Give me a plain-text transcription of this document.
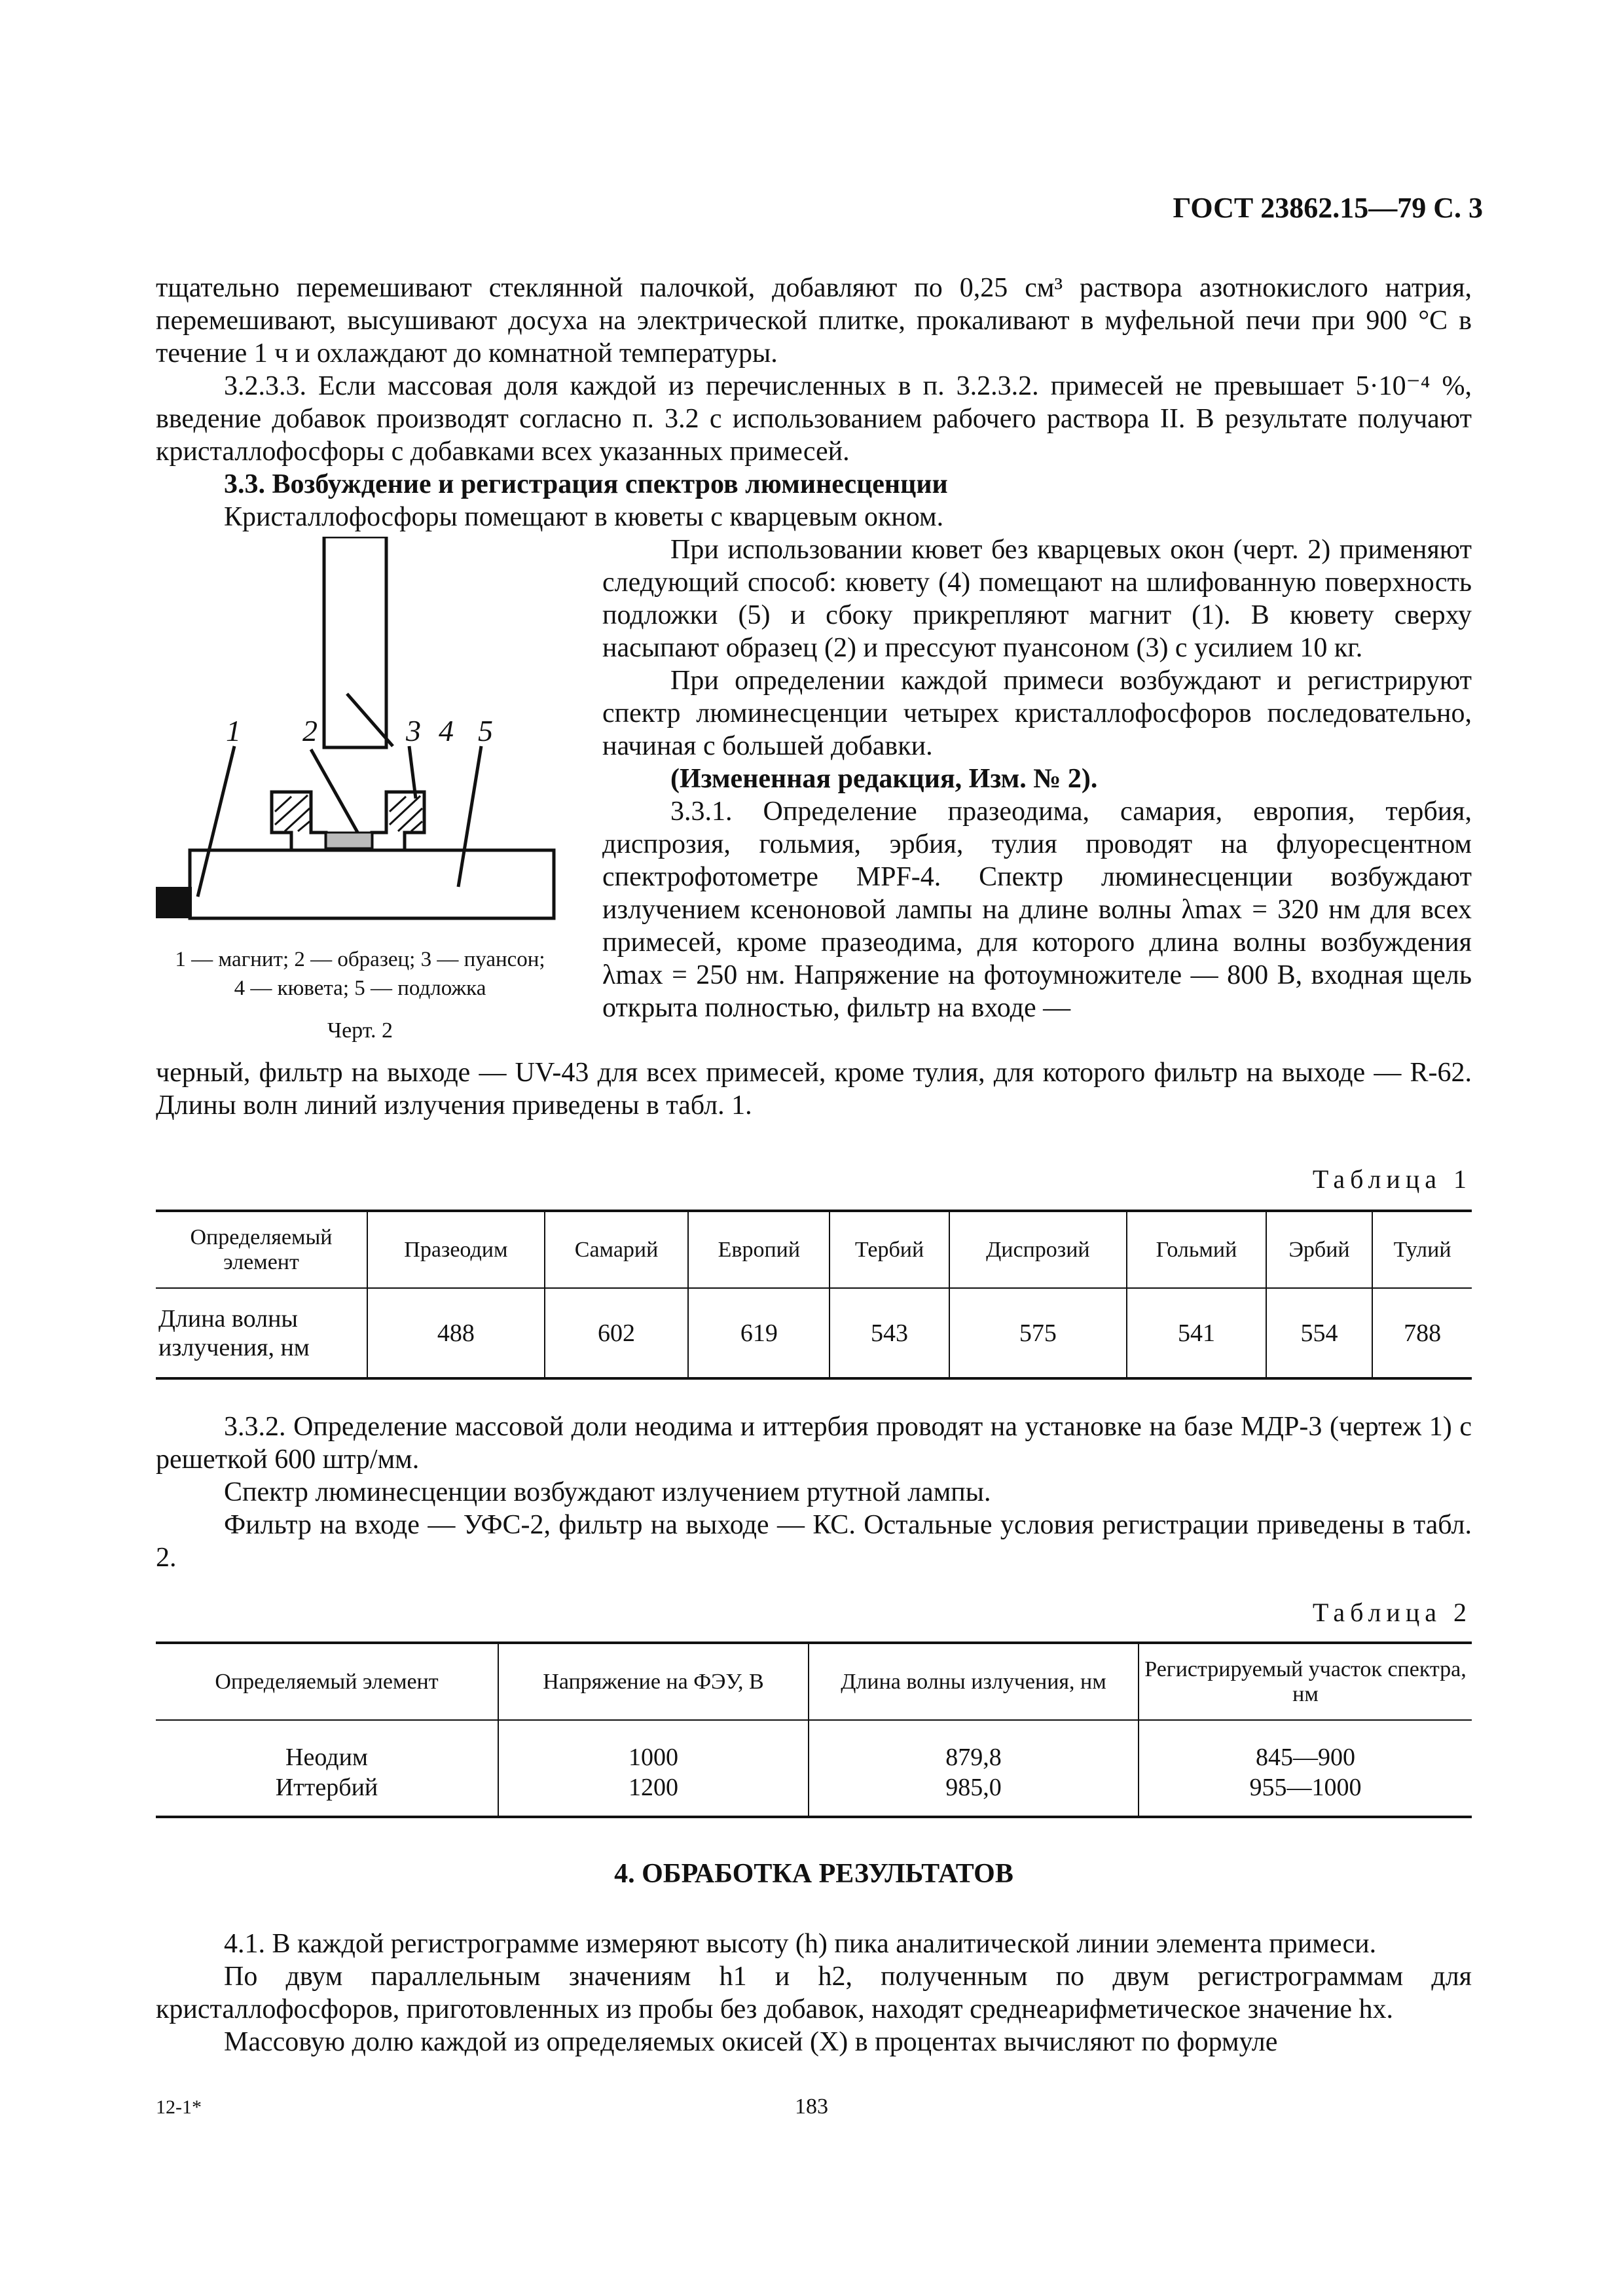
ГОСТ 23862.15—79 С. 3

тщательно перемешивают стеклянной палочкой, добавляют по 0,25 см³ раствора азотнокислого натрия, перемешивают, высушивают досуха на электрической плитке, прокаливают в муфельной печи при 900 °С в течение 1 ч и охлаждают до комнатной температуры.

3.2.3.3. Если массовая доля каждой из перечисленных в п. 3.2.3.2. примесей не превышает 5·10⁻⁴ %, введение добавок производят согласно п. 3.2 с использованием рабочего раствора II. В результате получают кристаллофосфоры с добавками всех указанных примесей.

3.3. Возбуждение и регистрация спектров люминесценции

Кристаллофосфоры помещают в кюветы с кварцевым окном.

При использовании кювет без кварцевых окон (черт. 2) применяют следующий способ: кювету (4) помещают на шлифованную поверхность подложки (5) и сбоку прикрепляют магнит (1). В кювету сверху насыпают образец (2) и прессуют пуансоном (3) с усилием 10 кг.

При определении каждой примеси возбуждают и регистрируют спектр люминесценции четырех кристаллофосфоров последовательно, начиная с большей добавки.

(Измененная редакция, Изм. № 2).

3.3.1. Определение празеодима, самария, европия, тербия, диспрозия, гольмия, эрбия, тулия проводят на флуоресцентном спектрофотометре MPF-4. Спектр люминесценции возбуждают излучением ксеноновой лампы на длине волны λmax = 320 нм для всех примесей, кроме празеодима, для которого длина волны возбуждения λmax = 250 нм. Напряжение на фотоумножителе — 800 В, входная щель открыта полностью, фильтр на входе —

1 2	3 4 5
1 — магнит; 2 — образец; 3 — пуансон;
4 — кювета; 5 — подложка
Черт. 2

черный, фильтр на выходе — UV-43 для всех примесей, кроме тулия, для которого фильтр на выходе — R-62. Длины волн линий излучения приведены в табл. 1.

Таблица 1
Определяемый элемент	Празеодим	Самарий	Европий	Тербий	Диспрозий	Гольмий	Эрбий	Тулий
Длина волны излучения, нм	488	602	619	543	575	541	554	788

3.3.2. Определение массовой доли неодима и иттербия проводят на установке на базе МДР-3 (чертеж 1) с решеткой 600 штр/мм.

Спектр люминесценции возбуждают излучением ртутной лампы.

Фильтр на входе — УФС-2, фильтр на выходе — КС. Остальные условия регистрации приведены в табл. 2.

Таблица 2
Определяемый элемент	Напряжение на ФЭУ, В	Длина волны излучения, нм	Регистрируемый участок спектра, нм
Неодим	1000	879,8	845—900
Иттербий	1200	985,0	955—1000
4. ОБРАБОТКА РЕЗУЛЬТАТОВ

4.1. В каждой регистрограмме измеряют высоту (h) пика аналитической линии элемента примеси.

По двум параллельным значениям h1 и h2, полученным по двум регистрограммам для кристаллофосфоров, приготовленных из пробы без добавок, находят среднеарифметическое значение hx.

Массовую долю каждой из определяемых окисей (X) в процентах вычисляют по формуле

12-1*	183
